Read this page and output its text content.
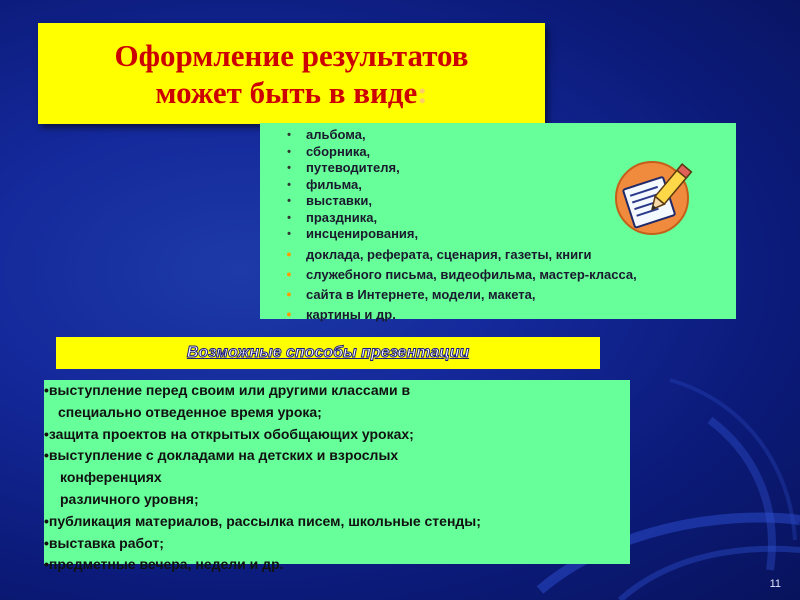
Оформление результатов
может быть в виде:
•	альбома,
•	сборника,
•	путеводителя,
•	фильма,
•	выставки,
•	праздника,
•	инсценирования,
●	доклада, реферата, сценария, газеты, книги
●	служебного письма, видеофильма, мастер-класса,
●	сайта в Интернете, модели, макета,
●	картины и др.
Возможные способы презентации
•выступление перед своим или другими классами в
специально отведенное время урока;
•защита проектов на открытых обобщающих уроках;
•выступление с докладами на детских и взрослых
конференциях
различного уровня;
•публикация материалов, рассылка писем, школьные стенды;
•выставка работ;
•предметные вечера, недели и др.
11
